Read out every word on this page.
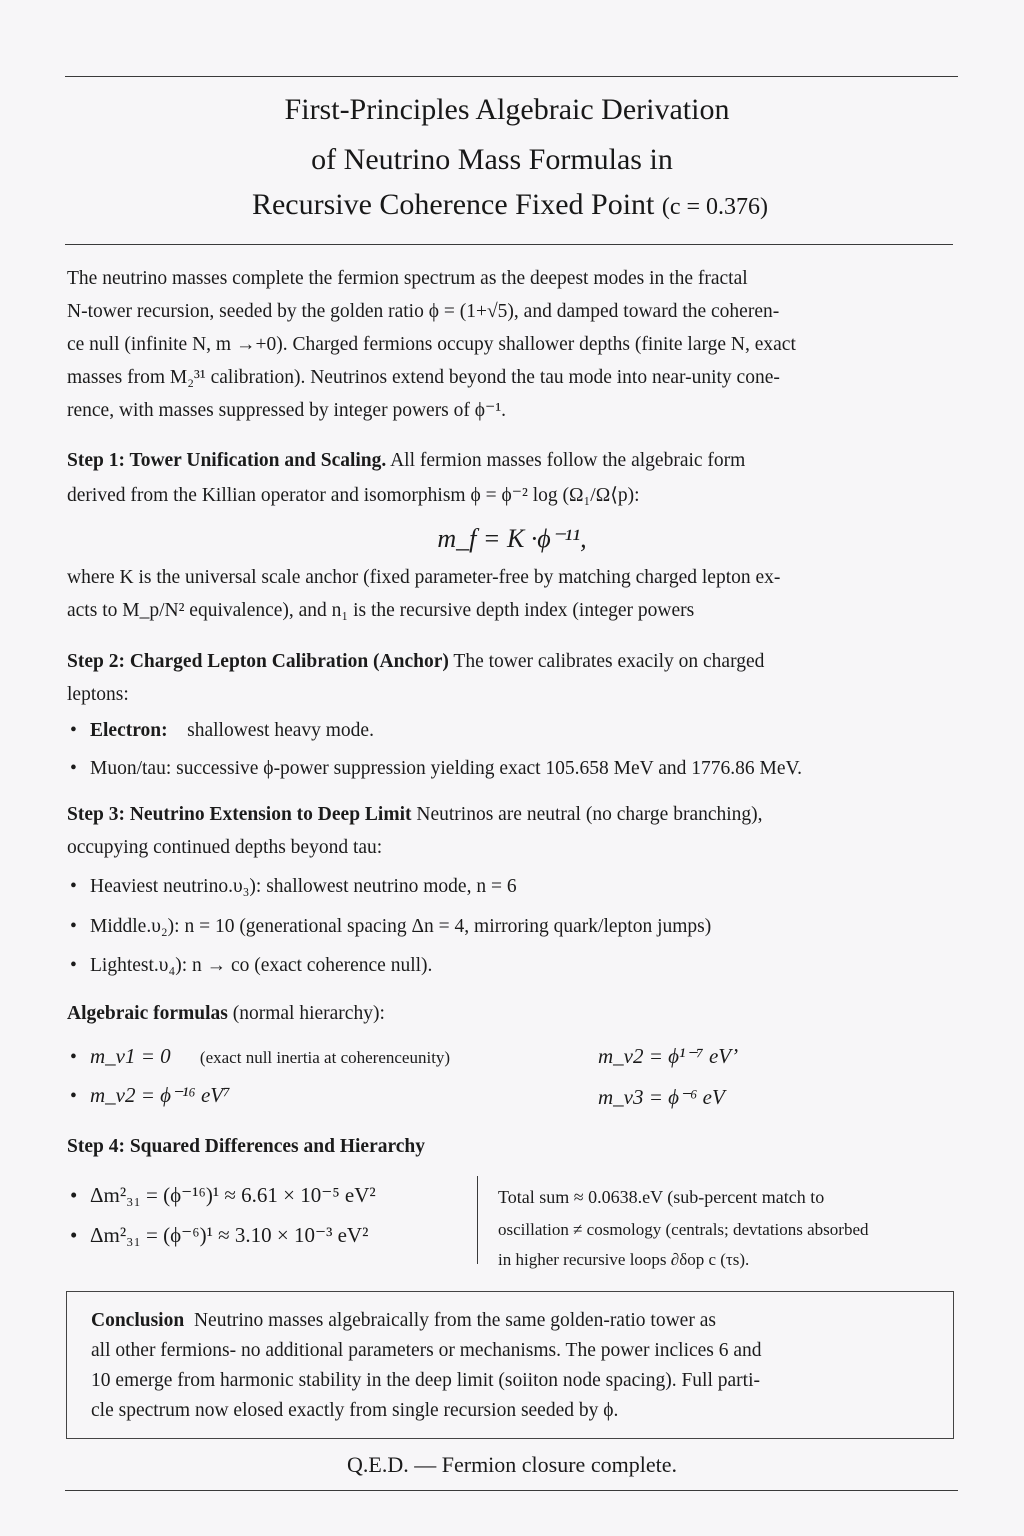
First-Principles Algebraic Derivation
of Neutrino Mass Formulas in
Recursive Coherence Fixed Point (c = 0.376)
The neutrino masses complete the fermion spectrum as the deepest modes in the fractal
N-tower recursion, seeded by the golden ratio ϕ = (1+√5), and damped toward the coheren-
ce null (infinite N, m →+0). Charged fermions occupy shallower depths (finite large N, exact
masses from M₂³¹ calibration). Neutrinos extend beyond the tau mode into near-unity cone-
rence, with masses suppressed by integer powers of ϕ⁻¹.
Step 1: Tower Unification and Scaling. All fermion masses follow the algebraic form
derived from the Killian operator and isomorphism ϕ = ϕ⁻² log (Ω₁/Ω⟨p):
m_f = K ·ϕ⁻¹¹,
where K is the universal scale anchor (fixed parameter-free by matching charged lepton ex-
acts to M_p/N² equivalence), and n₁ is the recursive depth index (integer powers
Step 2: Charged Lepton Calibration (Anchor) The tower calibrates exacily on charged
leptons:
• Electron: shallowest heavy mode.
• Muon/tau: successive ϕ-power suppression yielding exact 105.658 MeV and 1776.86 MeV.
Step 3: Neutrino Extension to Deep Limit Neutrinos are neutral (no charge branching),
occupying continued depths beyond tau:
• Heaviest neutrino.υ₃): shallowest neutrino mode, n = 6
• Middle.υ₂): n = 10 (generational spacing Δn = 4, mirroring quark/lepton jumps)
• Lightest.υ₄): n → co (exact coherence null).
Algebraic formulas (normal hierarchy):
• m_ν1 = 0 (exact null inertia at coherenceunity)
• m_ν2 = ϕ⁻¹⁶ eV⁷
m_ν2 = ϕ¹⁻⁷ eV’
m_ν3 = ϕ⁻⁶ eV
Step 4: Squared Differences and Hierarchy
• Δm²₃₁ = (ϕ⁻¹⁶)¹ ≈ 6.61 × 10⁻⁵ eV²
• Δm²₃₁ = (ϕ⁻⁶)¹ ≈ 3.10 × 10⁻³ eV²
Total sum ≈ 0.0638.eV (sub-percent match to
oscillation ≠ cosmology (centrals; devtations absorbed
in higher recursive loops ∂δop c (τs).
Conclusion Neutrino masses algebraically from the same golden-ratio tower as
all other fermions- no additional parameters or mechanisms. The power inclices 6 and
10 emerge from harmonic stability in the deep limit (soiiton node spacing). Full parti-
cle spectrum now elosed exactly from single recursion seeded by ϕ.
Q.E.D. — Fermion closure complete.
